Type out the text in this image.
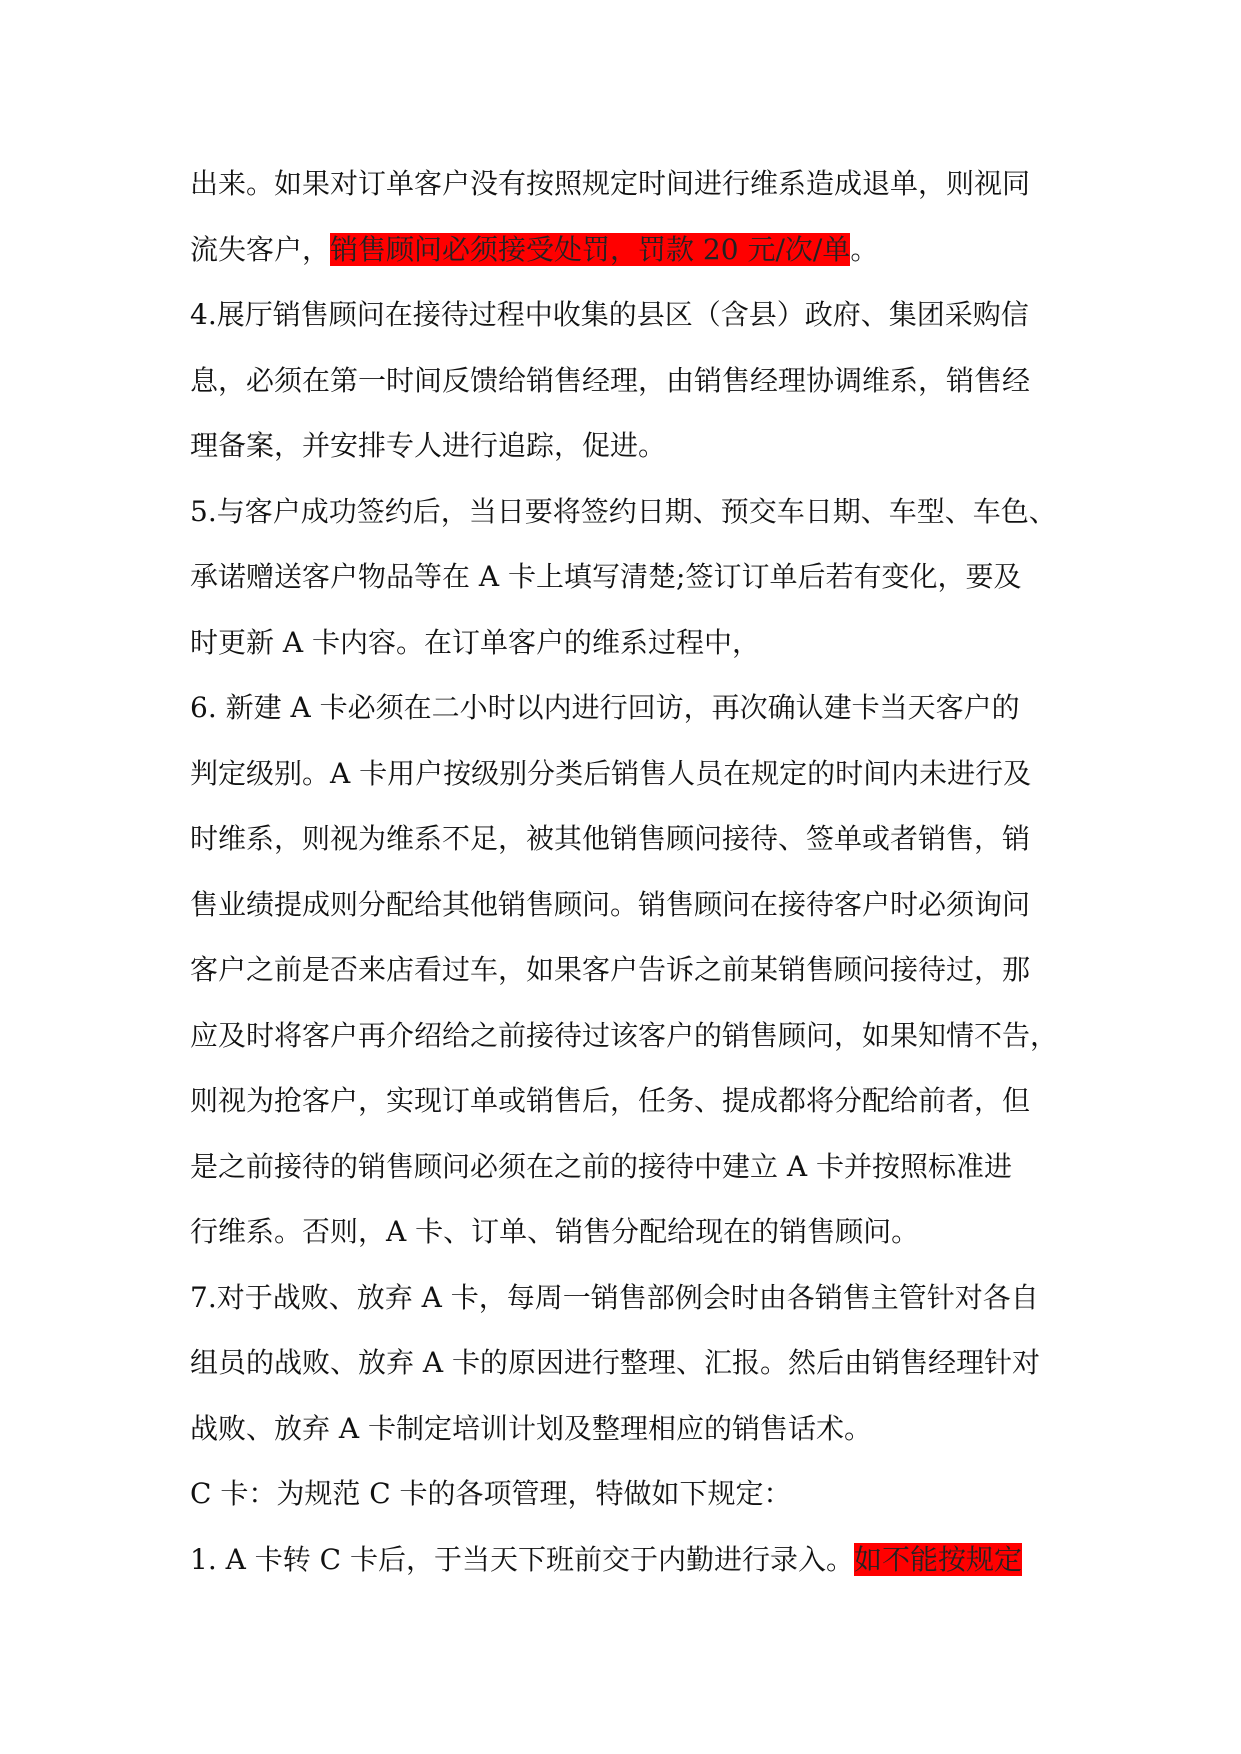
出来。如果对订单客户没有按照规定时间进行维系造成退单，则视同
流失客户，销售顾问必须接受处罚，罚款 20 元/次/单。
4.展厅销售顾问在接待过程中收集的县区（含县）政府、集团采购信
息，必须在第一时间反馈给销售经理，由销售经理协调维系，销售经
理备案，并安排专人进行追踪，促进。
5.与客户成功签约后，当日要将签约日期、预交车日期、车型、车色、
承诺赠送客户物品等在 A 卡上填写清楚;签订订单后若有变化，要及
时更新 A 卡内容。在订单客户的维系过程中，
6. 新建 A 卡必须在二小时以内进行回访，再次确认建卡当天客户的
判定级别。A 卡用户按级别分类后销售人员在规定的时间内未进行及
时维系，则视为维系不足，被其他销售顾问接待、签单或者销售，销
售业绩提成则分配给其他销售顾问。销售顾问在接待客户时必须询问
客户之前是否来店看过车，如果客户告诉之前某销售顾问接待过，那
应及时将客户再介绍给之前接待过该客户的销售顾问，如果知情不告，
则视为抢客户，实现订单或销售后，任务、提成都将分配给前者，但
是之前接待的销售顾问必须在之前的接待中建立 A 卡并按照标准进
行维系。否则，A 卡、订单、销售分配给现在的销售顾问。
7.对于战败、放弃 A 卡，每周一销售部例会时由各销售主管针对各自
组员的战败、放弃 A 卡的原因进行整理、汇报。然后由销售经理针对
战败、放弃 A 卡制定培训计划及整理相应的销售话术。
C 卡：为规范 C 卡的各项管理，特做如下规定：
1. A 卡转 C 卡后，于当天下班前交于内勤进行录入。如不能按规定
